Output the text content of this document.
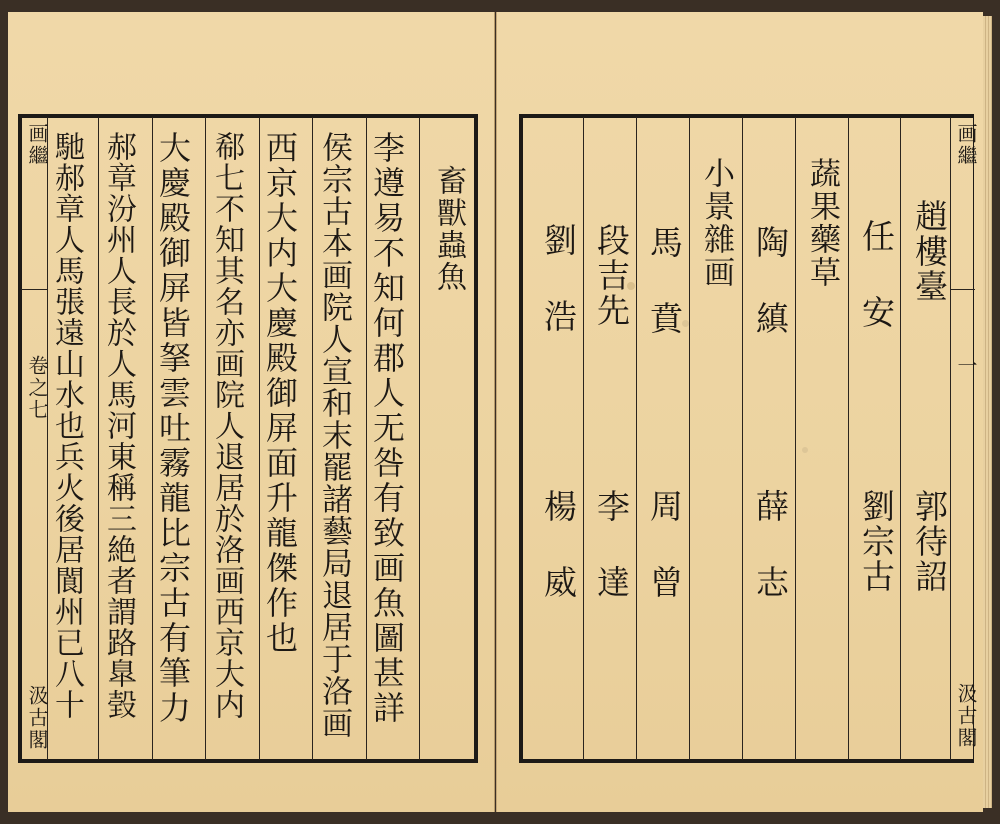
画繼
卷之七
汲古閣
畜獸蟲魚
李遵易不知何郡人无咎有致画魚圖甚詳
侯宗古本画院人宣和末罷諸藝局退居于洛画
西京大内大慶殿御屏面升龍傑作也
郗七不知其名亦画院人退居於洛画西京大内
大慶殿御屏皆拏雲吐霧龍比宗古有筆力
郝章汾州人長於人馬河東稱三絶者謂路臯㲄
馳郝章人馬張遠山水也兵火後居閬州已八十	画繼
一
汲古閣
趙樓臺
郭待詔
任 安
劉宗古
蔬果藥草
陶 縝
薛 志
小景雜画
馬 賁
周 曾
段吉先
李 達
劉 浩
楊 威
